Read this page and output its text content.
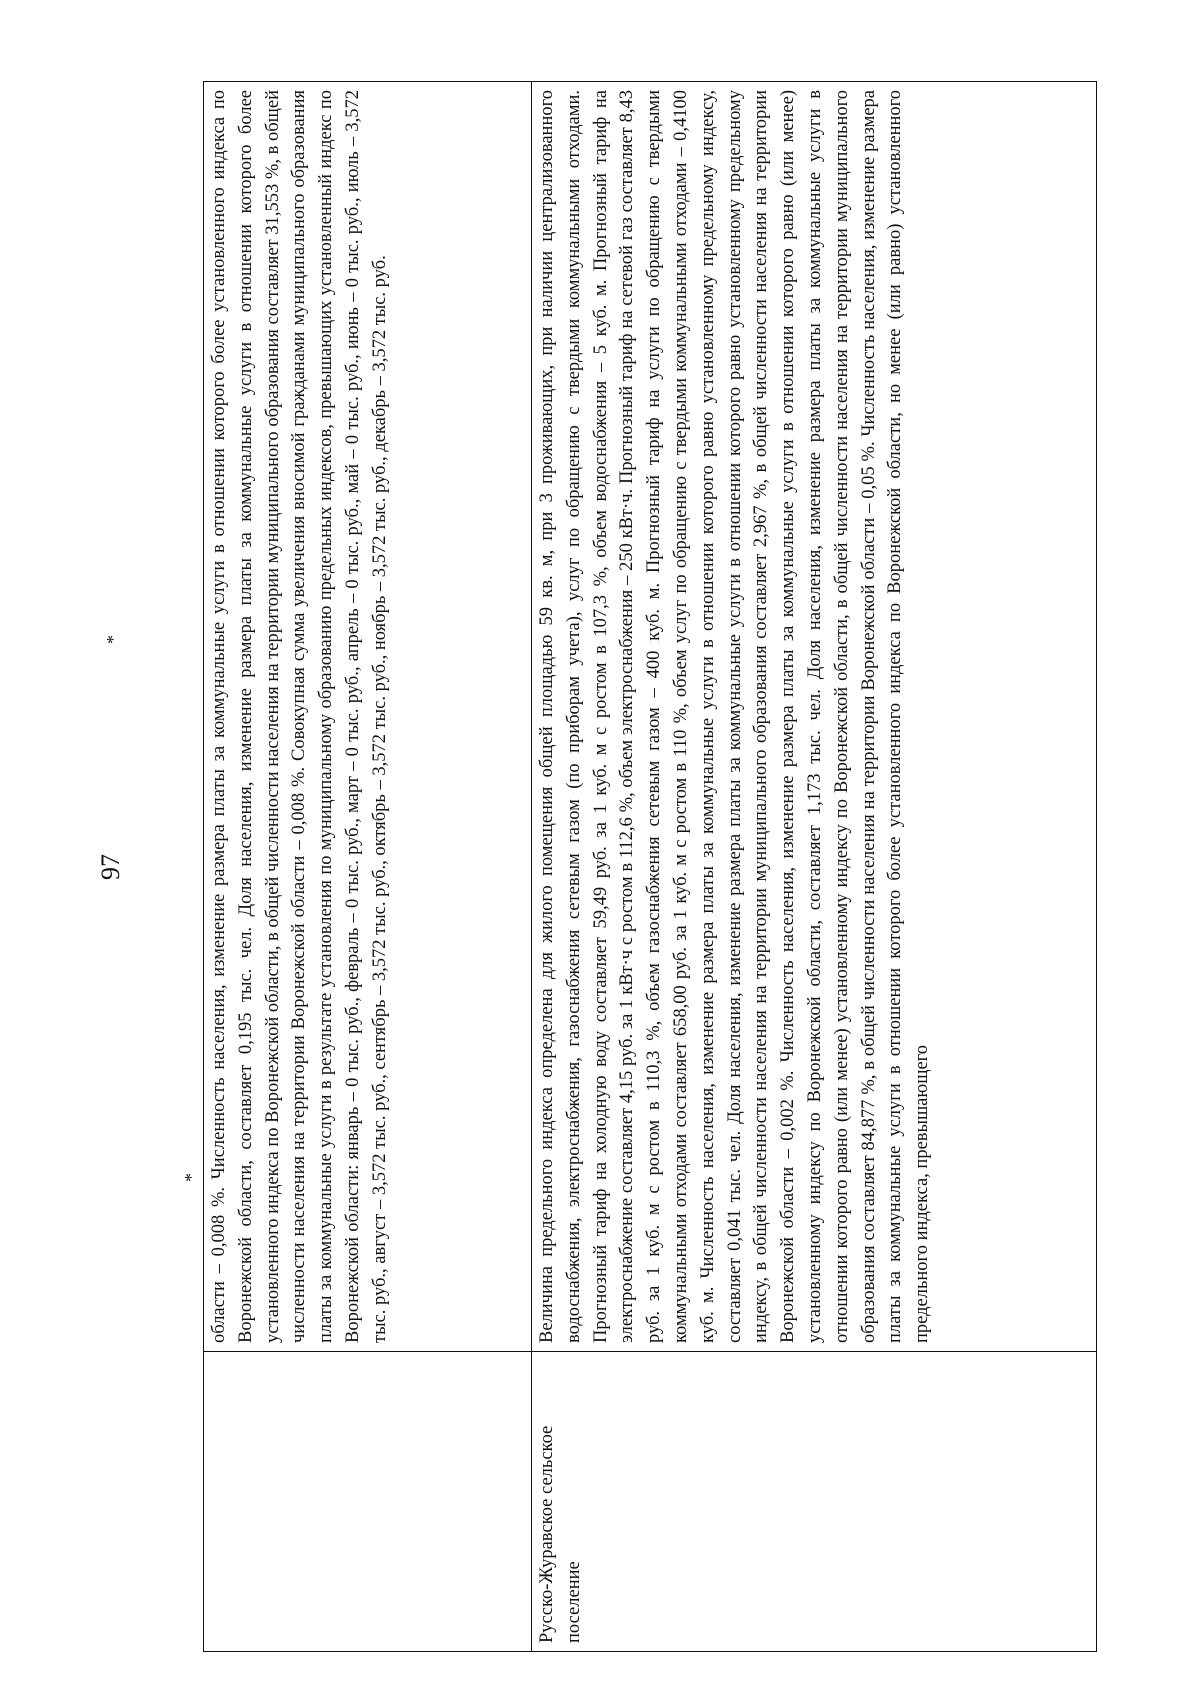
97
*
*
	области – 0,008 %. Численность населения, изменение размера платы за коммунальные услуги в отношении которого более установленного индекса по Воронежской области, составляет 0,195 тыс. чел. Доля населения, изменение размера платы за коммунальные услуги в отношении которого более установленного индекса по Воронежской области, в общей численности населения на территории муниципального образования составляет 31,553 %, в общей численности населения на территории Воронежской области – 0,008 %. Совокупная сумма увеличения вносимой гражданами муниципального образования платы за коммунальные услуги в результате установления по муниципальному образованию предельных индексов, превышающих установленный индекс по Воронежской области: январь – 0 тыс. руб., февраль – 0 тыс. руб., март – 0 тыс. руб., апрель – 0 тыс. руб., май – 0 тыс. руб., июнь – 0 тыс. руб., июль – 3,572 тыс. руб., август – 3,572 тыс. руб., сентябрь – 3,572 тыс. руб., октябрь – 3,572 тыс. руб., ноябрь – 3,572 тыс. руб., декабрь – 3,572 тыс. руб.
Русско-Журавское сельское поселение	Величина предельного индекса определена для жилого помещения общей площадью 59 кв. м, при 3 проживающих, при наличии централизованного водоснабжения, электроснабжения, газоснабжения сетевым газом (по приборам учета), услуг по обращению с твердыми коммунальными отходами. Прогнозный тариф на холодную воду составляет 59,49 руб. за 1 куб. м с ростом в 107,3 %, объем водоснабжения – 5 куб. м. Прогнозный тариф на электроснабжение составляет 4,15 руб. за 1 кВт·ч с ростом в 112,6 %, объем электроснабжения – 250 кВт·ч. Прогнозный тариф на сетевой газ составляет 8,43 руб. за 1 куб. м с ростом в 110,3 %, объем газоснабжения сетевым газом – 400 куб. м. Прогнозный тариф на услуги по обращению с твердыми коммунальными отходами составляет 658,00 руб. за 1 куб. м с ростом в 110 %, объем услуг по обращению с твердыми коммунальными отходами – 0,4100 куб. м. Численность населения, изменение размера платы за коммунальные услуги в отношении которого равно установленному предельному индексу, составляет 0,041 тыс. чел. Доля населения, изменение размера платы за коммунальные услуги в отношении которого равно установленному предельному индексу, в общей численности населения на территории муниципального образования составляет 2,967 %, в общей численности населения на территории Воронежской области – 0,002 %. Численность населения, изменение размера платы за коммунальные услуги в отношении которого равно (или менее) установленному индексу по Воронежской области, составляет 1,173 тыс. чел. Доля населения, изменение размера платы за коммунальные услуги в отношении которого равно (или менее) установленному индексу по Воронежской области, в общей численности населения на территории муниципального образования составляет 84,877 %, в общей численности населения на территории Воронежской области – 0,05 %. Численность населения, изменение размера платы за коммунальные услуги в отношении которого более установленного индекса по Воронежской области, но менее (или равно) установленного предельного индекса, превышающего
